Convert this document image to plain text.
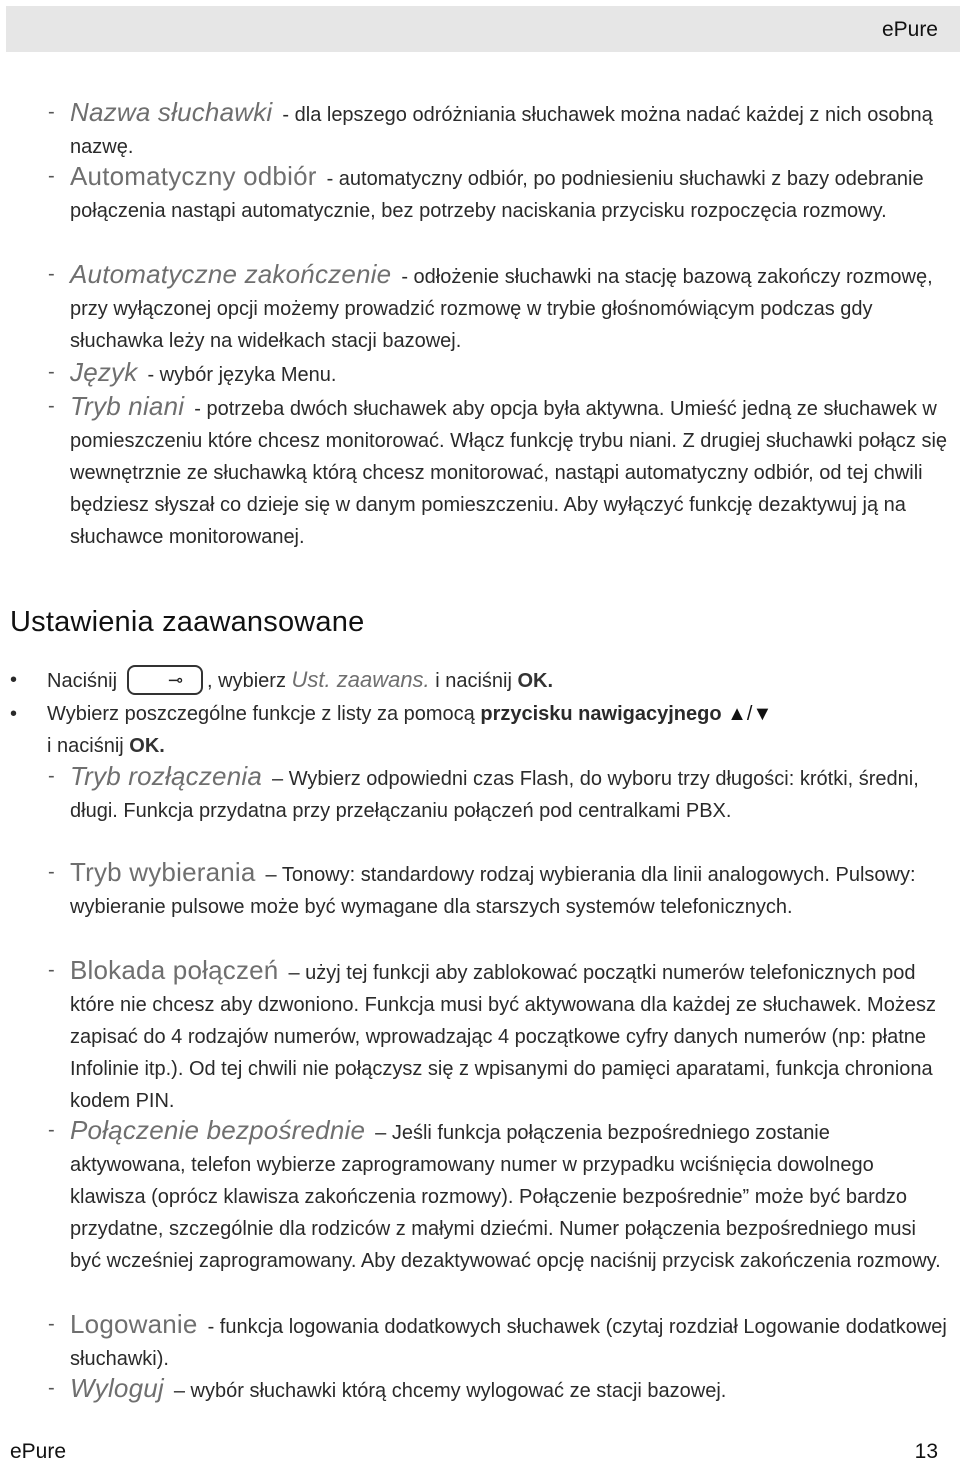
ePure
- Nazwa słuchawki - dla lepszego odróżniania słuchawek można nadać każdej z nich osobną nazwę.
- Automatyczny odbiór - automatyczny odbiór, po podniesieniu słuchawki z bazy odebranie połączenia nastąpi automatycznie, bez potrzeby naciskania przycisku rozpoczęcia rozmowy.
- Automatyczne zakończenie - odłożenie słuchawki na stację bazową zakończy rozmowę, przy wyłączonej opcji możemy prowadzić rozmowę w trybie głośnomówiącym podczas gdy słuchawka leży na widełkach stacji bazowej.
- Język - wybór języka Menu.
- Tryb niani - potrzeba dwóch słuchawek aby opcja była aktywna. Umieść jedną ze słuchawek w pomieszczeniu które chcesz monitorować. Włącz funkcję trybu niani. Z drugiej słuchawki połącz się wewnętrznie ze słuchawką którą chcesz monitorować, nastąpi automatyczny odbiór, od tej chwili będziesz słyszał co dzieje się w danym pomieszczeniu. Aby wyłączyć funkcję dezaktywuj ją na słuchawce monitorowanej.
Ustawienia zaawansowane
•	Naciśnij	⊸ , wybierz Ust. zaawans. i naciśnij OK.
•	Wybierz poszczególne funkcje z listy za pomocą przycisku nawigacyjnego ▲/▼
i naciśnij OK.
- Tryb rozłączenia – Wybierz odpowiedni czas Flash, do wyboru trzy długości: krótki, średni, długi. Funkcja przydatna przy przełączaniu połączeń pod centralkami PBX.
- Tryb wybierania – Tonowy: standardowy rodzaj wybierania dla linii analogowych. Pulsowy: wybieranie pulsowe może być wymagane dla starszych systemów telefonicznych.
- Blokada połączeń – użyj tej funkcji aby zablokować początki numerów telefonicznych pod które nie chcesz aby dzwoniono. Funkcja musi być aktywowana dla każdej ze słuchawek. Możesz zapisać do 4 rodzajów numerów, wprowadzając 4 początkowe cyfry danych numerów (np: płatne Infolinie itp.). Od tej chwili nie połączysz się z wpisanymi do pamięci aparatami, funkcja chroniona kodem PIN.
- Połączenie bezpośrednie – Jeśli funkcja połączenia bezpośredniego zostanie aktywowana, telefon wybierze zaprogramowany numer w przypadku wciśnięcia dowolnego klawisza (oprócz klawisza zakończenia rozmowy). Połączenie bezpośrednie” może być bardzo przydatne, szczególnie dla rodziców z małymi dziećmi. Numer połączenia bezpośredniego musi być wcześniej zaprogramowany. Aby dezaktywować opcję naciśnij przycisk zakończenia rozmowy.
- Logowanie - funkcja logowania dodatkowych słuchawek (czytaj rozdział Logowanie dodatkowej słuchawki).
- Wyloguj – wybór słuchawki którą chcemy wylogować ze stacji bazowej.
ePure	13
